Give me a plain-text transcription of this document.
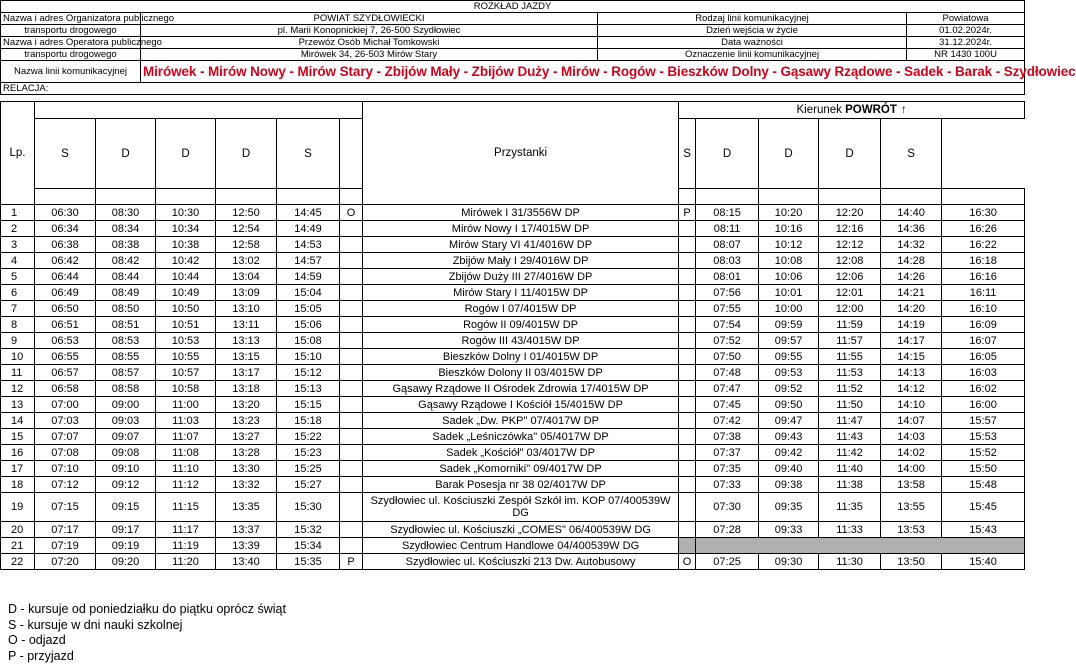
ROZKŁAD JAZDY			
Nazwa i adres Organizatora publicznego	POWIAT SZYDŁOWIECKI	Rodzaj linii komunikacyjnej	Powiatowa
transportu drogowego	pl. Marii Konopnickiej 7, 26-500 Szydłowiec	Dzień wejścia w życie	01.02.2024r.
Nazwa i adres Operatora publicznego	Przewóz Osób Michał Tomkowski	Data ważności	31.12.2024r.
transportu drogowego	Mirówek 34, 26-503 Mirów Stary	Oznaczenie linii komunikacyjnej	NR 1430 100U
Nazwa linii komunikacyjnej	Mirówek - Mirów Nowy - Mirów Stary - Zbijów Mały - Zbijów Duży - Mirów - Rogów - Bieszków Dolny - Gąsawy Rządowe - Sadek - Barak - Szydłowiec		
RELACJA:			
Lp.							Przystanki	Kierunek POWRÓT ↑					
	S	D	D	D	S			S	D	D	D	S	

1	06:30	08:30	10:30	12:50	14:45	O	Mirówek I 31/3556W DP	P	08:15	10:20	12:20	14:40	16:30
2	06:34	08:34	10:34	12:54	14:49		Mirów Nowy I 17/4015W DP		08:11	10:16	12:16	14:36	16:26
3	06:38	08:38	10:38	12:58	14:53		Mirów Stary VI 41/4016W DP		08:07	10:12	12:12	14:32	16:22
4	06:42	08:42	10:42	13:02	14:57		Zbijów Mały I 29/4016W DP		08:03	10:08	12:08	14:28	16:18
5	06:44	08:44	10:44	13:04	14:59		Zbijów Duży III 27/4016W DP		08:01	10:06	12:06	14:26	16:16
6	06:49	08:49	10:49	13:09	15:04		Mirów Stary I 11/4015W DP		07:56	10:01	12:01	14:21	16:11
7	06:50	08:50	10:50	13:10	15:05		Rogów I 07/4015W DP		07:55	10:00	12:00	14:20	16:10
8	06:51	08:51	10:51	13:11	15:06		Rogów II 09/4015W DP		07:54	09:59	11:59	14:19	16:09
9	06:53	08:53	10:53	13:13	15:08		Rogów III 43/4015W DP		07:52	09:57	11:57	14:17	16:07
10	06:55	08:55	10:55	13:15	15:10		Bieszków Dolny I 01/4015W DP		07:50	09:55	11:55	14:15	16:05
11	06:57	08:57	10:57	13:17	15:12		Bieszków Dolony II 03/4015W DP		07:48	09:53	11:53	14:13	16:03
12	06:58	08:58	10:58	13:18	15:13		Gąsawy Rządowe II Ośrodek Zdrowia 17/4015W DP		07:47	09:52	11:52	14:12	16:02
13	07:00	09:00	11:00	13:20	15:15		Gąsawy Rządowe I Kościół 15/4015W DP		07:45	09:50	11:50	14:10	16:00
14	07:03	09:03	11:03	13:23	15:18		Sadek „Dw. PKP" 07/4017W DP		07:42	09:47	11:47	14:07	15:57
15	07:07	09:07	11:07	13:27	15:22		Sadek „Leśniczówka" 05/4017W DP		07:38	09:43	11:43	14:03	15:53
16	07:08	09:08	11:08	13:28	15:23		Sadek „Kościół" 03/4017W DP		07:37	09:42	11:42	14:02	15:52
17	07:10	09:10	11:10	13:30	15:25		Sadek „Komorniki" 09/4017W DP		07:35	09:40	11:40	14:00	15:50
18	07:12	09:12	11:12	13:32	15:27		Barak Posesja nr 38 02/4017W DP		07:33	09:38	11:38	13:58	15:48
19	07:15	09:15	11:15	13:35	15:30		Szydłowiec ul. Kościuszki Zespół Szkół im. KOP 07/400539W DG		07:30	09:35	11:35	13:55	15:45
20	07:17	09:17	11:17	13:37	15:32		Szydłowiec ul. Kościuszki „COMES" 06/400539W DG		07:28	09:33	11:33	13:53	15:43
21	07:19	09:19	11:19	13:39	15:34		Szydłowiec Centrum Handlowe 04/400539W DG						
22	07:20	09:20	11:20	13:40	15:35	P	Szydłowiec ul. Kościuszki 213 Dw. Autobusowy	O	07:25	09:30	11:30	13:50	15:40
D - kursuje od poniedziałku do piątku oprócz świąt
S - kursuje w dni nauki szkolnej
O - odjazd
P - przyjazd
